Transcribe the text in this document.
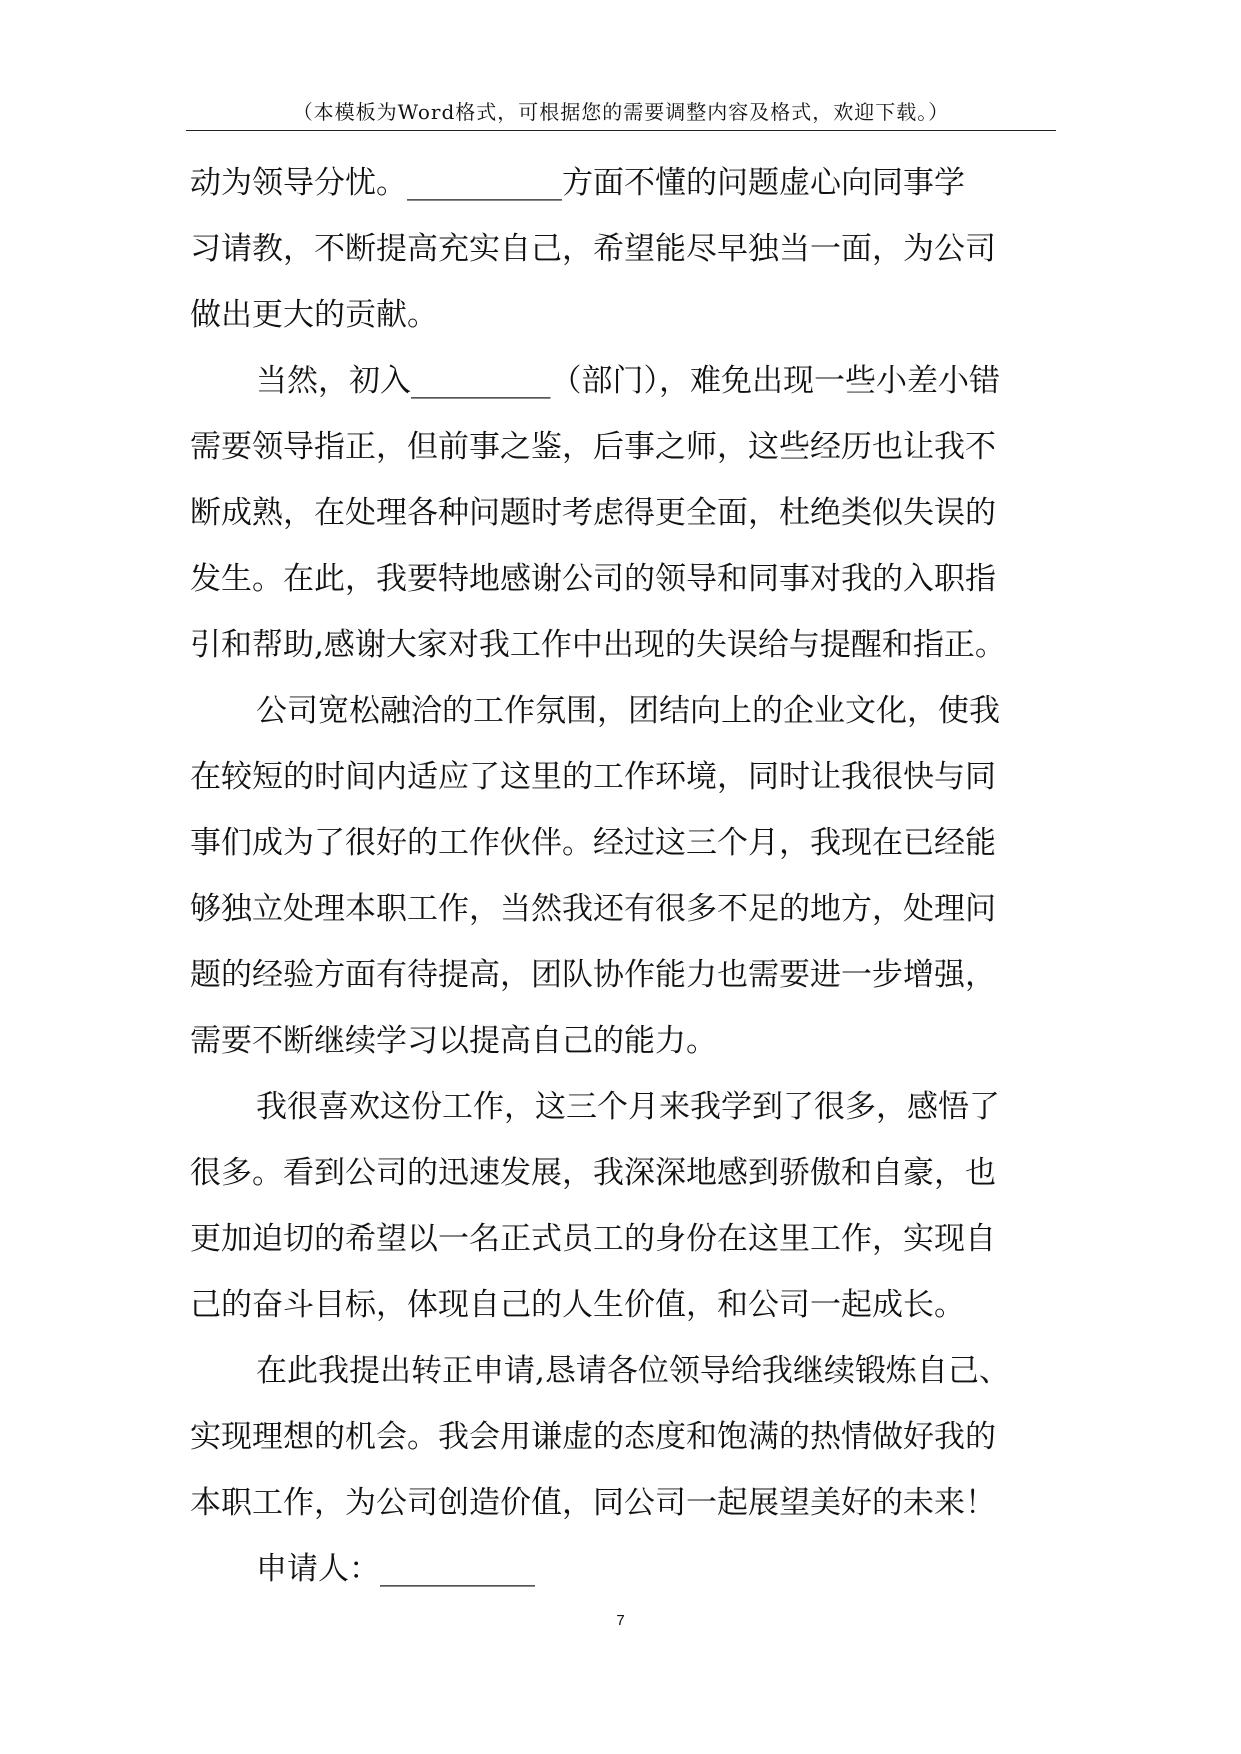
（本模板为Word格式，可根据您的需要调整内容及格式，欢迎下载。）
动为领导分忧。__________方面不懂的问题虚心向同事学
习请教，不断提高充实自己，希望能尽早独当一面，为公司
做出更大的贡献。
当然，初入_________（部门），难免出现一些小差小错
需要领导指正，但前事之鉴，后事之师，这些经历也让我不
断成熟，在处理各种问题时考虑得更全面，杜绝类似失误的
发生。在此，我要特地感谢公司的领导和同事对我的入职指
引和帮助,感谢大家对我工作中出现的失误给与提醒和指正。
公司宽松融洽的工作氛围，团结向上的企业文化，使我
在较短的时间内适应了这里的工作环境，同时让我很快与同
事们成为了很好的工作伙伴。经过这三个月，我现在已经能
够独立处理本职工作，当然我还有很多不足的地方，处理问
题的经验方面有待提高，团队协作能力也需要进一步增强，
需要不断继续学习以提高自己的能力。
我很喜欢这份工作，这三个月来我学到了很多，感悟了
很多。看到公司的迅速发展，我深深地感到骄傲和自豪，也
更加迫切的希望以一名正式员工的身份在这里工作，实现自
己的奋斗目标，体现自己的人生价值，和公司一起成长。
在此我提出转正申请,恳请各位领导给我继续锻炼自己、
实现理想的机会。我会用谦虚的态度和饱满的热情做好我的
本职工作，为公司创造价值，同公司一起展望美好的未来！
申请人：__________
7
